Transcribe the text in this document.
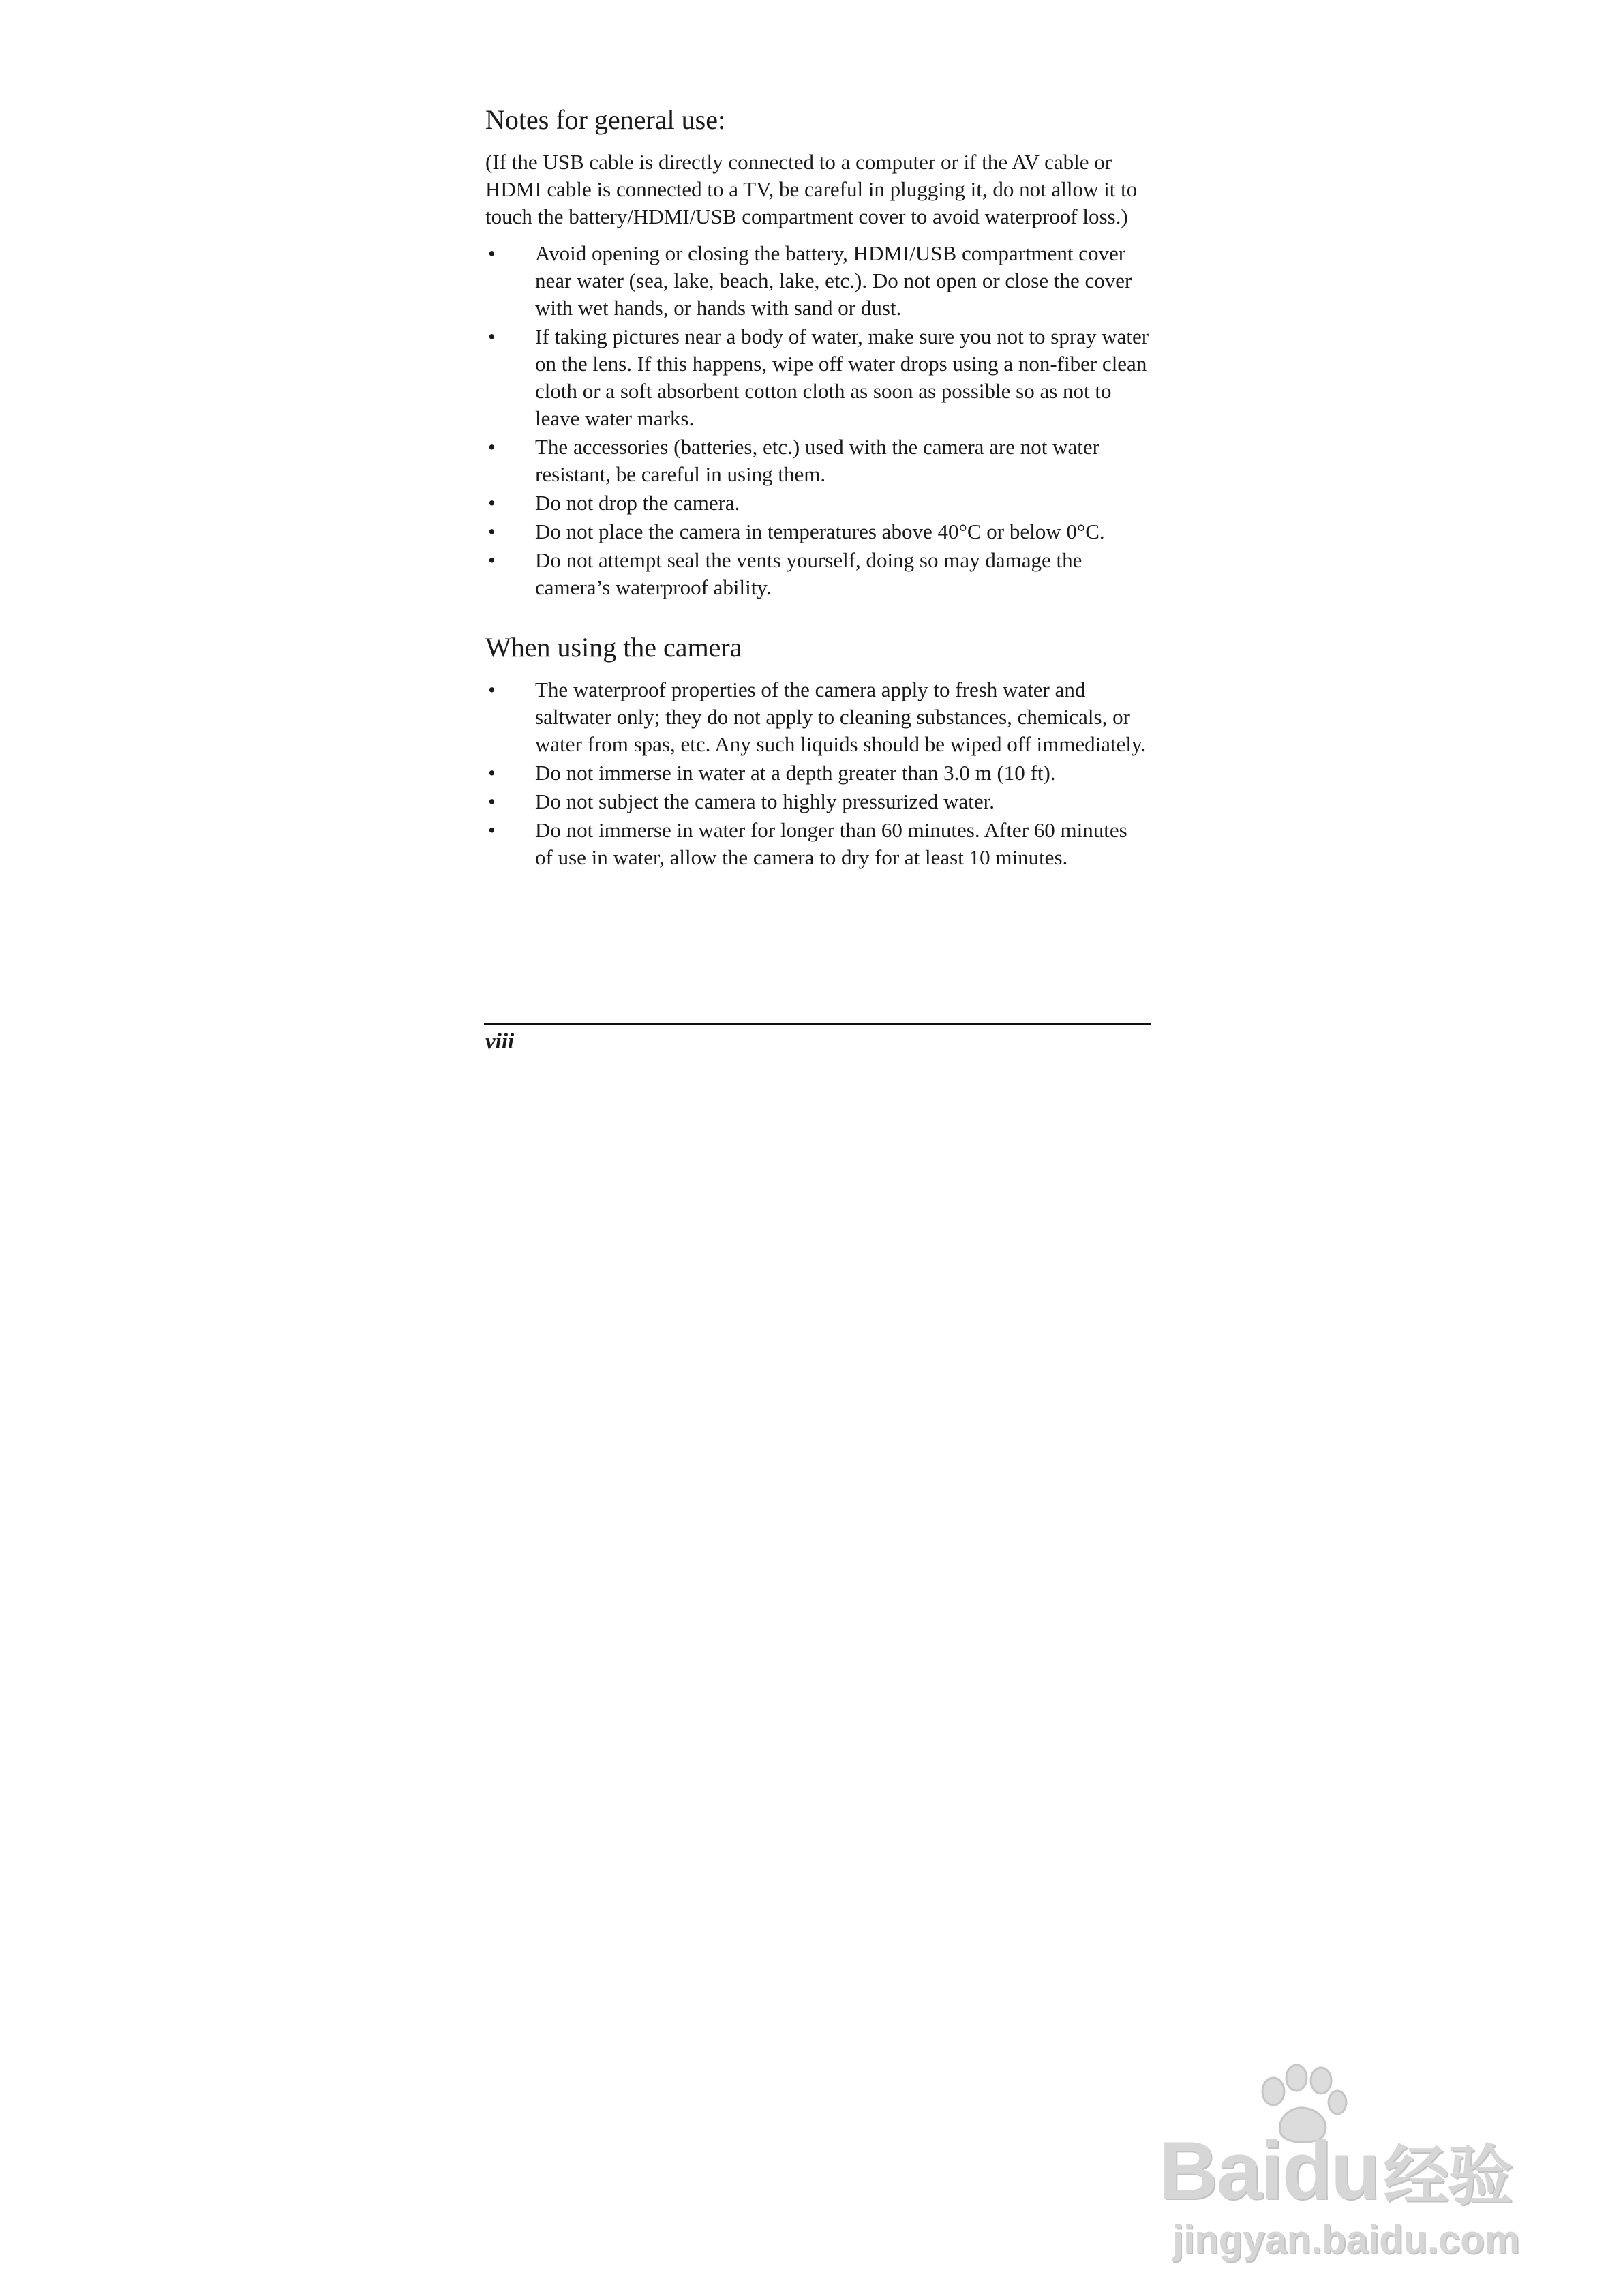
Notes for general use:

(If the USB cable is directly connected to a computer or if the AV cable or HDMI cable is connected to a TV, be careful in plugging it, do not allow it to touch the battery/HDMI/USB compartment cover to avoid waterproof loss.)

• Avoid opening or closing the battery, HDMI/USB compartment cover near water (sea, lake, beach, lake, etc.). Do not open or close the cover with wet hands, or hands with sand or dust.
• If taking pictures near a body of water, make sure you not to spray water on the lens. If this happens, wipe off water drops using a non-fiber clean cloth or a soft absorbent cotton cloth as soon as possible so as not to leave water marks.
• The accessories (batteries, etc.) used with the camera are not water resistant, be careful in using them.
• Do not drop the camera.
• Do not place the camera in temperatures above 40°C or below 0°C.
• Do not attempt seal the vents yourself, doing so may damage the camera’s waterproof ability.
When using the camera
• The waterproof properties of the camera apply to fresh water and saltwater only; they do not apply to cleaning substances, chemicals, or water from spas, etc. Any such liquids should be wiped off immediately.
• Do not immerse in water at a depth greater than 3.0 m (10 ft).
• Do not subject the camera to highly pressurized water.
• Do not immerse in water for longer than 60 minutes. After 60 minutes of use in water, allow the camera to dry for at least 10 minutes.
viii
Baidu经验
jingyan.baidu.com
